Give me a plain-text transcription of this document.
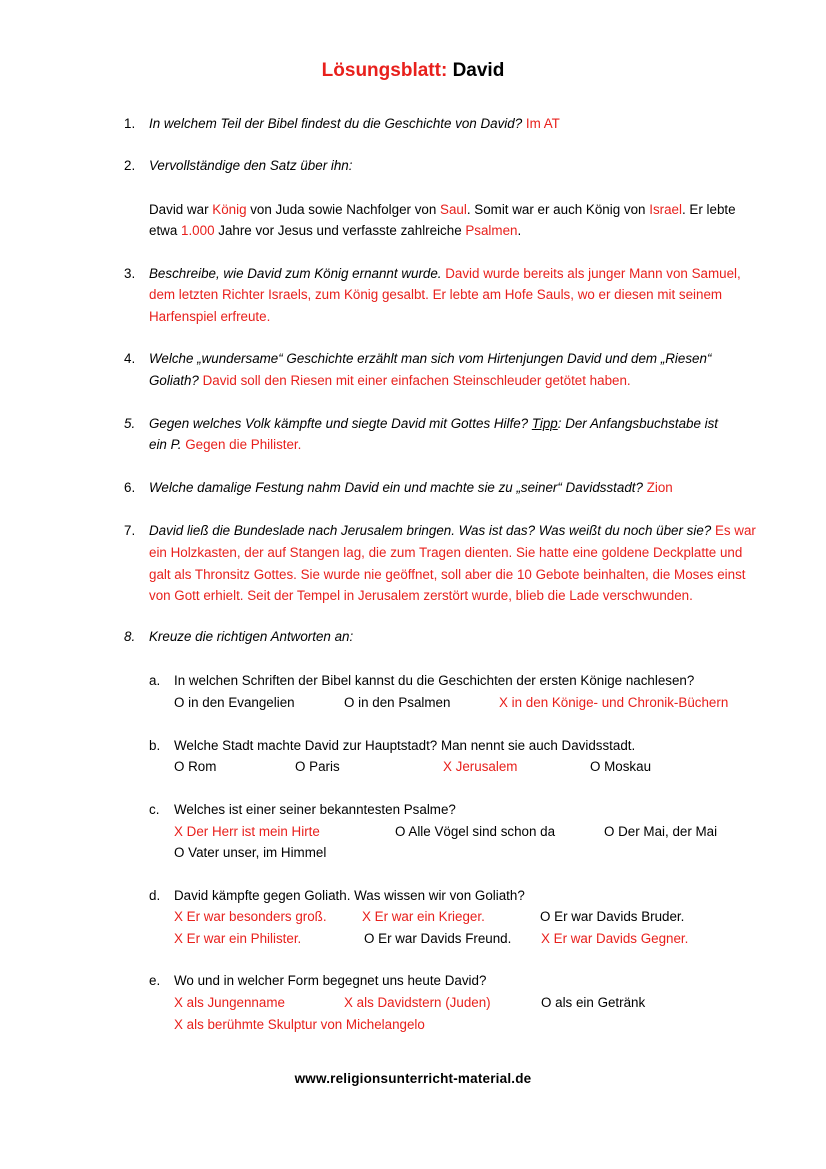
Lösungsblatt: David
1. In welchem Teil der Bibel findest du die Geschichte von David? Im AT
2. Vervollständige den Satz über ihn:
David war König von Juda sowie Nachfolger von Saul. Somit war er auch König von Israel. Er lebte
etwa 1.000 Jahre vor Jesus und verfasste zahlreiche Psalmen.
3. Beschreibe, wie David zum König ernannt wurde. David wurde bereits als junger Mann von Samuel,
dem letzten Richter Israels, zum König gesalbt. Er lebte am Hofe Sauls, wo er diesen mit seinem
Harfenspiel erfreute.
4. Welche „wundersame“ Geschichte erzählt man sich vom Hirtenjungen David und dem „Riesen“
Goliath? David soll den Riesen mit einer einfachen Steinschleuder getötet haben.
5. Gegen welches Volk kämpfte und siegte David mit Gottes Hilfe? Tipp: Der Anfangsbuchstabe ist
ein P. Gegen die Philister.
6. Welche damalige Festung nahm David ein und machte sie zu „seiner“ Davidsstadt? Zion
7. David ließ die Bundeslade nach Jerusalem bringen. Was ist das? Was weißt du noch über sie? Es war
ein Holzkasten, der auf Stangen lag, die zum Tragen dienten. Sie hatte eine goldene Deckplatte und
galt als Thronsitz Gottes. Sie wurde nie geöffnet, soll aber die 10 Gebote beinhalten, die Moses einst
von Gott erhielt. Seit der Tempel in Jerusalem zerstört wurde, blieb die Lade verschwunden.
8. Kreuze die richtigen Antworten an:
a. In welchen Schriften der Bibel kannst du die Geschichten der ersten Könige nachlesen?
O in den Evangelien	O in den Psalmen	X in den Könige- und Chronik-Büchern
b. Welche Stadt machte David zur Hauptstadt? Man nennt sie auch Davidsstadt.
O Rom	O Paris	X Jerusalem	O Moskau
c. Welches ist einer seiner bekanntesten Psalme?
X Der Herr ist mein Hirte	O Alle Vögel sind schon da	O Der Mai, der Mai
O Vater unser, im Himmel
d. David kämpfte gegen Goliath. Was wissen wir von Goliath?
X Er war besonders groß.	X Er war ein Krieger.	O Er war Davids Bruder.
X Er war ein Philister.	O Er war Davids Freund. X Er war Davids Gegner.
e. Wo und in welcher Form begegnet uns heute David?
X als Jungenname	X als Davidstern (Juden)	O als ein Getränk
X als berühmte Skulptur von Michelangelo
www.religionsunterricht-material.de
